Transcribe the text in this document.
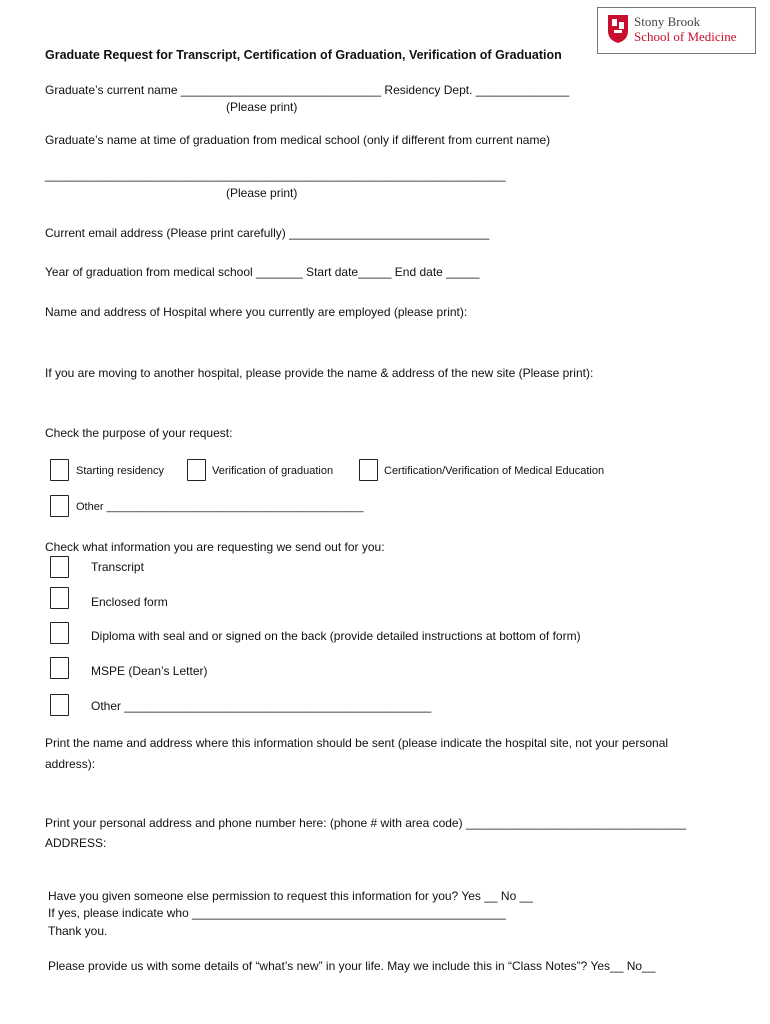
Stony Brook
School of Medicine
Graduate Request for Transcript, Certification of Graduation, Verification of Graduation
Graduate’s current name ______________________________ Residency Dept. ______________
(Please print)
Graduate’s name at time of graduation from medical school (only if different from current name)
_____________________________________________________________________
(Please print)
Current email address (Please print carefully) ______________________________
Year of graduation from medical school _______ Start date_____ End date _____
Name and address of Hospital where you currently are employed (please print):
If you are moving to another hospital, please provide the name & address of the new site (Please print):
Check the purpose of your request:
Starting residency	Verification of graduation	Certification/Verification of Medical Education
Other __________________________________________
Check what information you are requesting we send out for you:
Transcript
Enclosed form
Diploma with seal and or signed on the back (provide detailed instructions at bottom of form)
MSPE (Dean’s Letter)
Other ______________________________________________
Print the name and address where this information should be sent (please indicate the hospital site, not your personal
address):
Print your personal address and phone number here: (phone # with area code) _________________________________
ADDRESS:
Have you given someone else permission to request this information for you? Yes __ No __
If yes, please indicate who _______________________________________________
Thank you.
Please provide us with some details of “what’s new” in your life. May we include this in “Class Notes”? Yes__ No__
